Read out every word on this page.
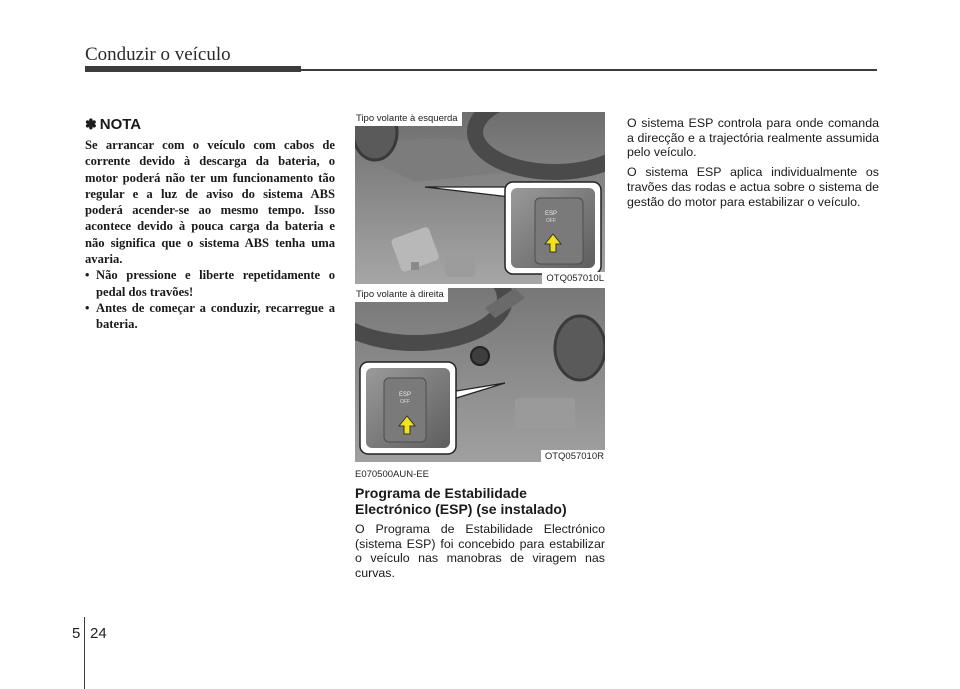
Conduzir o veículo
✽ NOTA

Se arrancar com o veículo com cabos de corrente devido à descarga da bateria, o motor poderá não ter um funcionamento tão regular e a luz de aviso do sistema ABS poderá acender-se ao mesmo tempo. Isso acontece devido à pouca carga da bateria e não significa que o sistema ABS tenha uma avaria.

• Não pressione e liberte repetidamente o pedal dos travões!
• Antes de começar a conduzir, recarregue a bateria.
Tipo volante à esquerda
ESP
OFF
OTQ057010L
Tipo volante à direita
ESP
OFF
OTQ057010R
E070500AUN-EE
Programa de Estabilidade Electrónico (ESP) (se instalado)

O Programa de Estabilidade Electrónico (sistema ESP) foi concebido para estabilizar o veículo nas manobras de viragem nas curvas.

O sistema ESP controla para onde comanda a direcção e a trajectória realmente assumida pelo veículo.

O sistema ESP aplica individualmente os travões das rodas e actua sobre o sistema de gestão do motor para estabilizar o veículo.

5 24
